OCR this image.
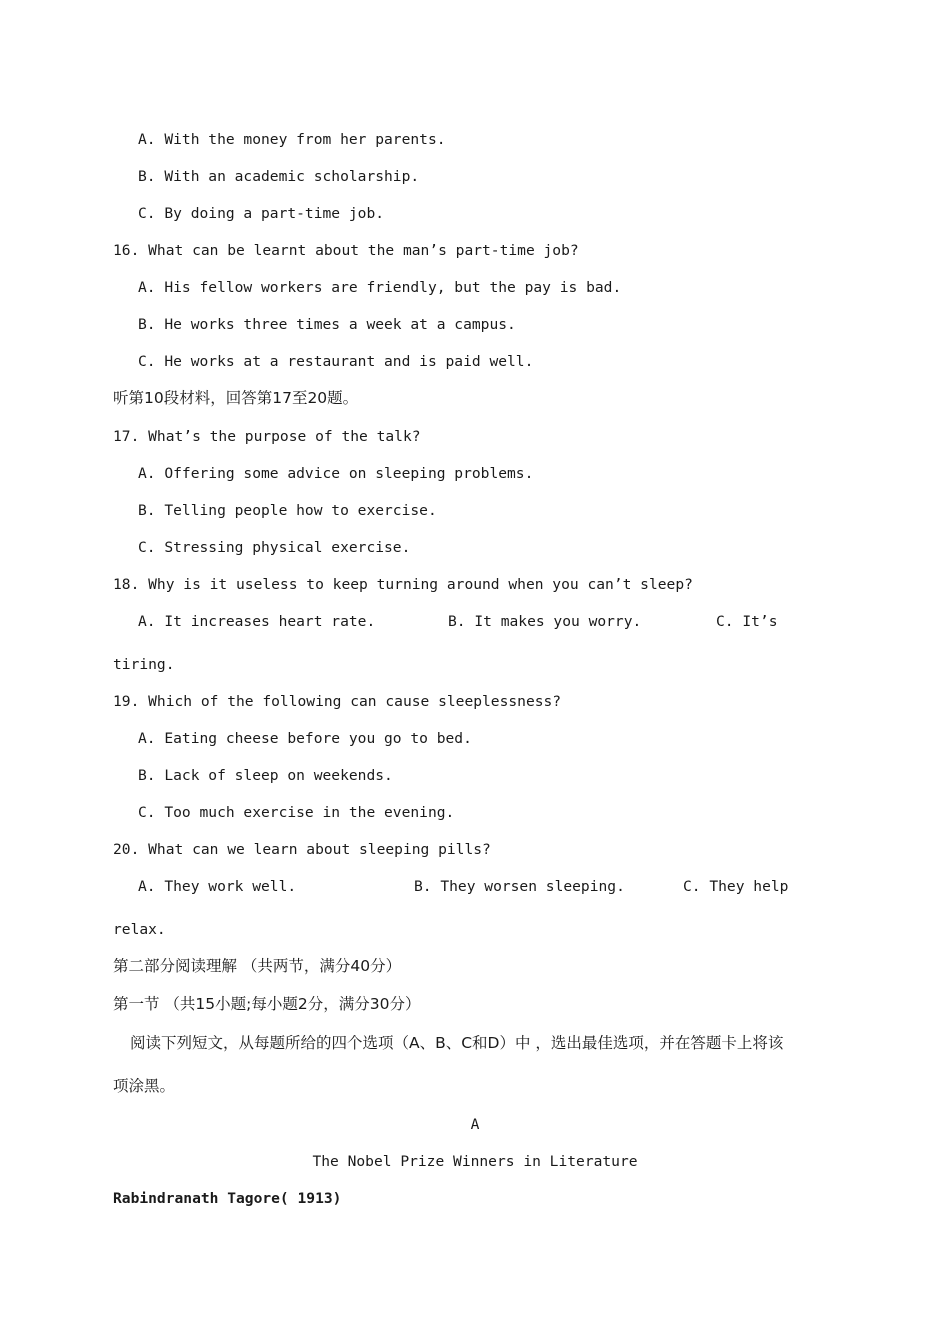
A. With the money from her parents.
B. With an academic scholarship.
C. By doing a part-time job.
16. What can be learnt about the man’s part-time job?
A. His fellow workers are friendly, but the pay is bad.
B. He works three times a week at a campus.
C. He works at a restaurant and is paid well.
听第10段材料，回答第17至20题。
17. What’s the purpose of the talk?
A. Offering some advice on sleeping problems.
B. Telling people how to exercise.
C. Stressing physical exercise.
18. Why is it useless to keep turning around when you can’t sleep?
A. It increases heart rate.	B. It makes you worry.	C. It’s
tiring.
19. Which of the following can cause sleeplessness?
A. Eating cheese before you go to bed.
B. Lack of sleep on weekends.
C. Too much exercise in the evening.
20. What can we learn about sleeping pills?
A. They work well.	B. They worsen sleeping.	C. They help
relax.
第二部分阅读理解 （共两节，满分40分）
第一节 （共15小题;每小题2分，满分30分）
阅读下列短文，从每题所给的四个选项（A、B、C和D）中 ，选出最佳选项，并在答题卡上将该
项涂黑。
A
The Nobel Prize Winners in Literature
Rabindranath Tagore( 1913)
